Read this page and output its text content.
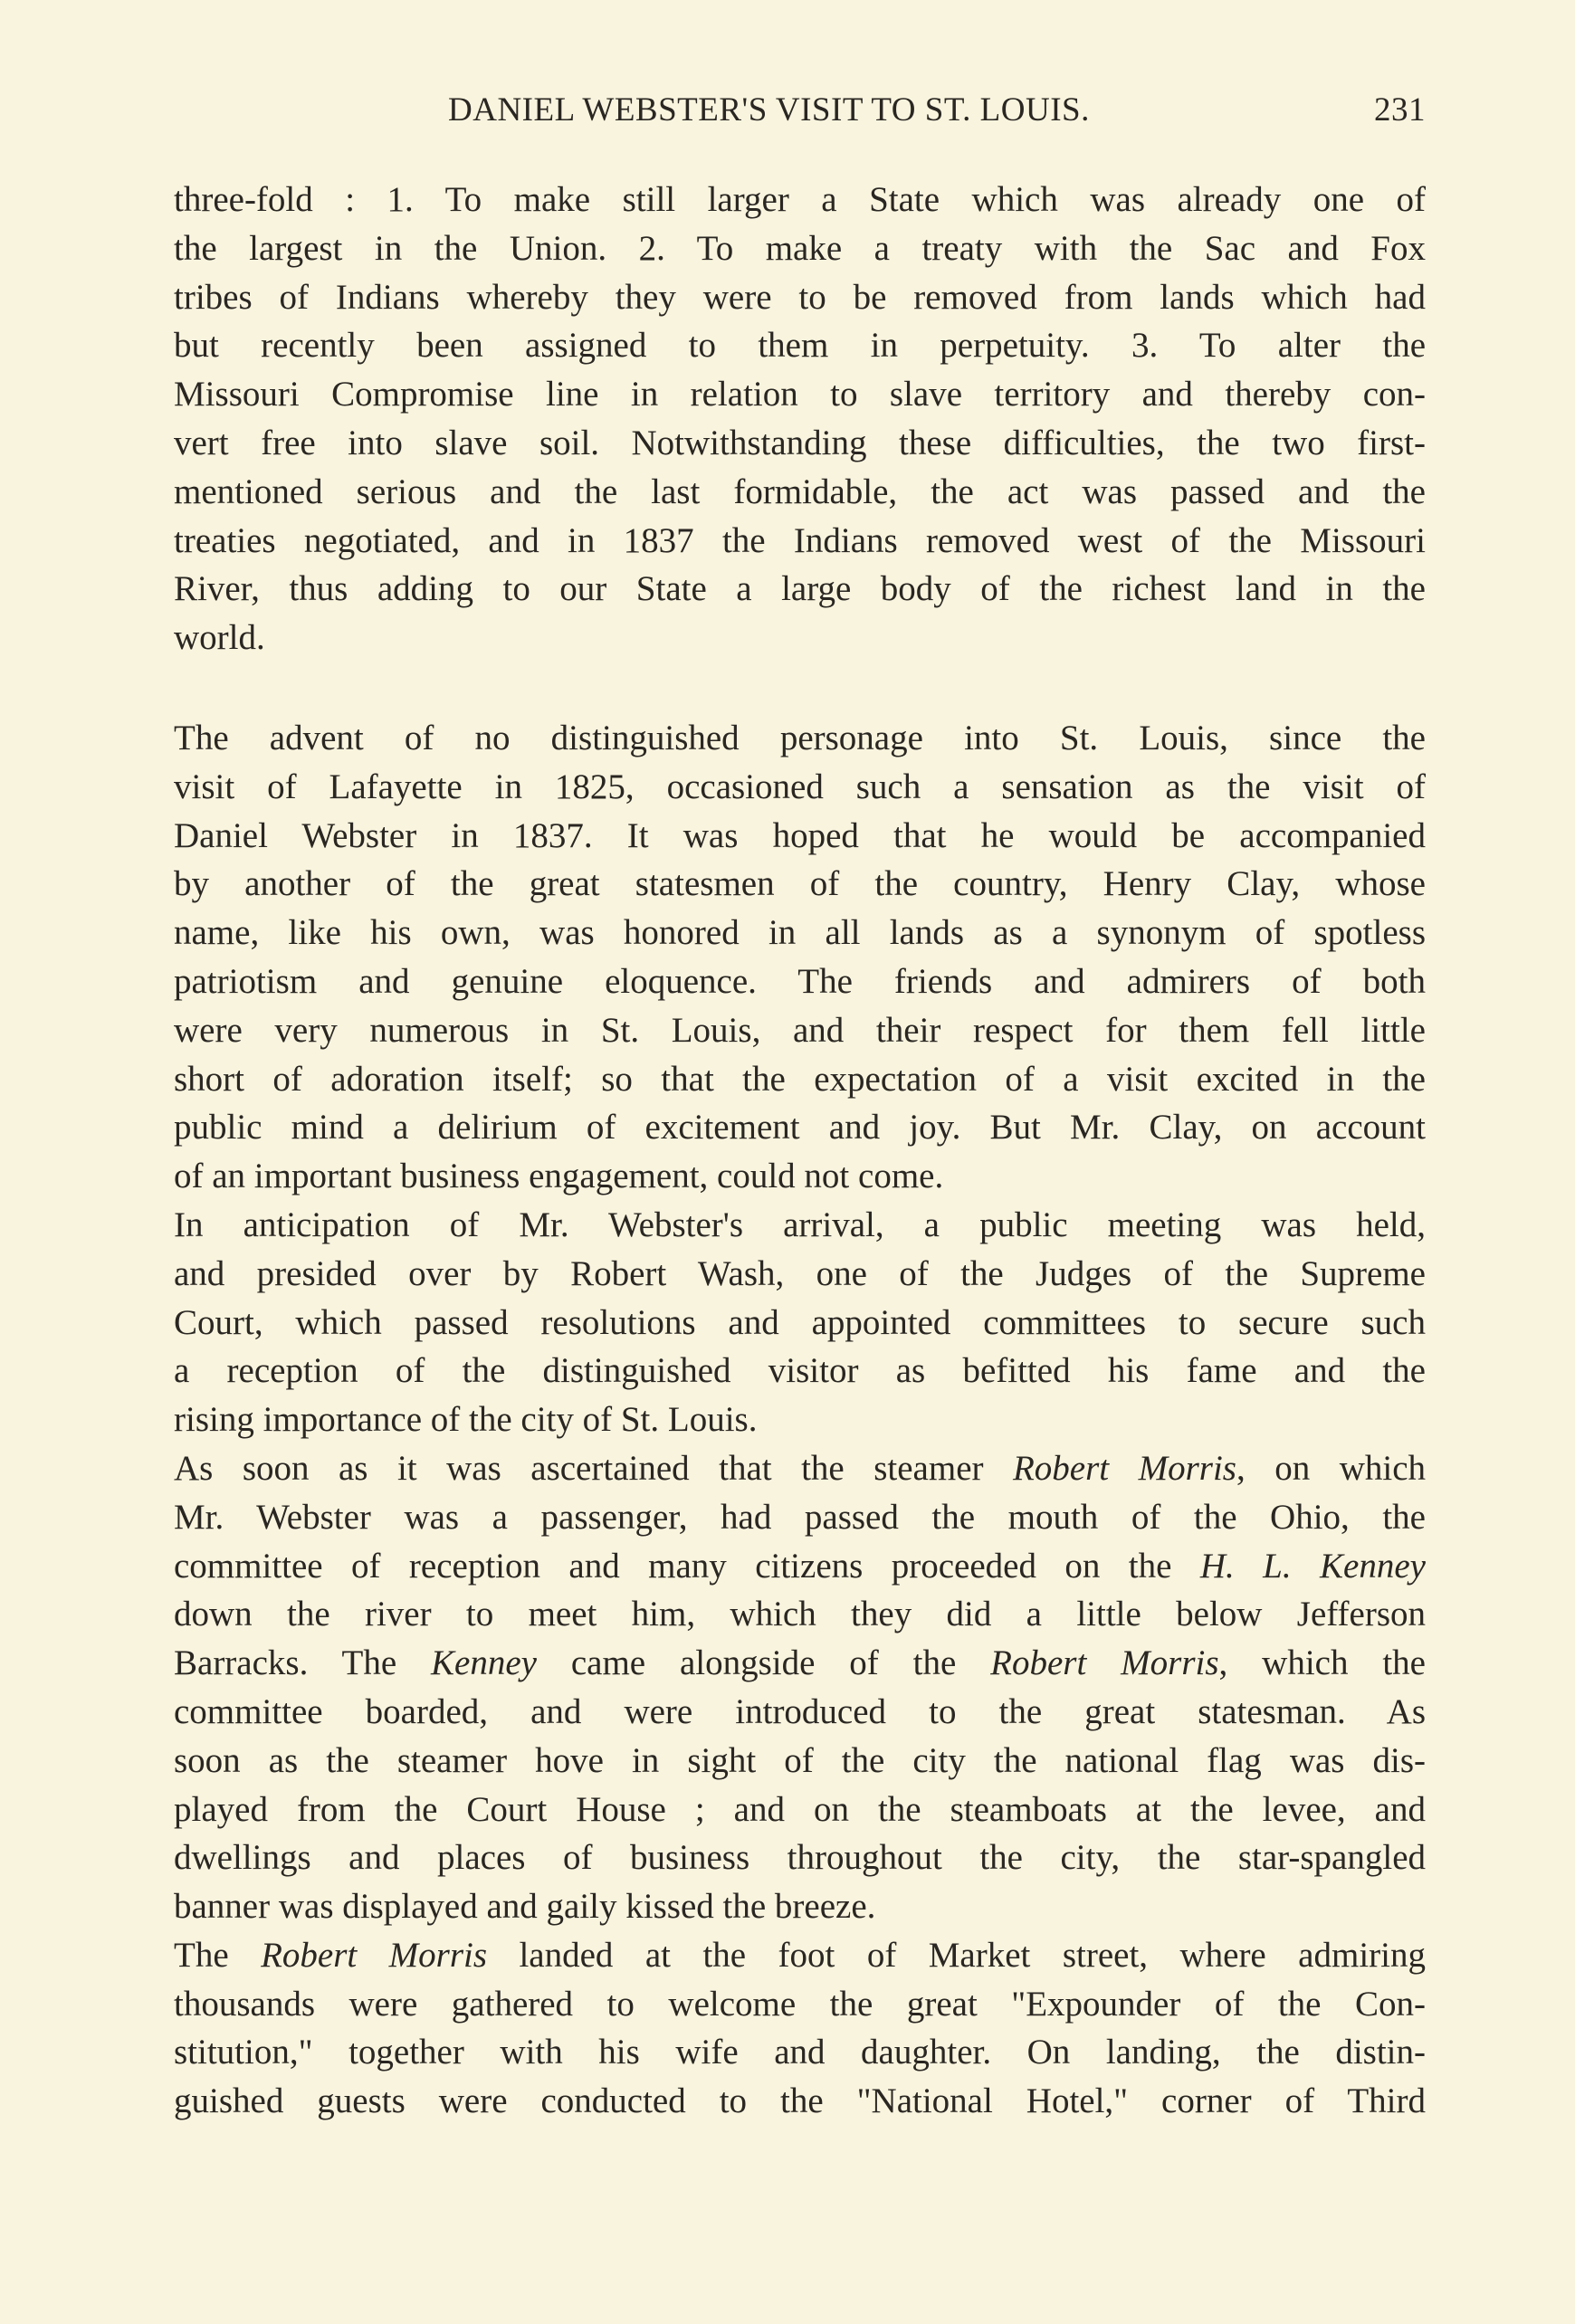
DANIEL WEBSTER'S VISIT TO ST. LOUIS.	231
three-fold : 1. To make still larger a State which was already one of
the largest in the Union. 2. To make a treaty with the Sac and Fox
tribes of Indians whereby they were to be removed from lands which had
but recently been assigned to them in perpetuity. 3. To alter the
Missouri Compromise line in relation to slave territory and thereby con-
vert free into slave soil. Notwithstanding these difficulties, the two first-
mentioned serious and the last formidable, the act was passed and the
treaties negotiated, and in 1837 the Indians removed west of the Missouri
River, thus adding to our State a large body of the richest land in the
world.
The advent of no distinguished personage into St. Louis, since the
visit of Lafayette in 1825, occasioned such a sensation as the visit of
Daniel Webster in 1837. It was hoped that he would be accompanied
by another of the great statesmen of the country, Henry Clay, whose
name, like his own, was honored in all lands as a synonym of spotless
patriotism and genuine eloquence. The friends and admirers of both
were very numerous in St. Louis, and their respect for them fell little
short of adoration itself; so that the expectation of a visit excited in the
public mind a delirium of excitement and joy. But Mr. Clay, on account
of an important business engagement, could not come.
In anticipation of Mr. Webster's arrival, a public meeting was held,
and presided over by Robert Wash, one of the Judges of the Supreme
Court, which passed resolutions and appointed committees to secure such
a reception of the distinguished visitor as befitted his fame and the
rising importance of the city of St. Louis.
As soon as it was ascertained that the steamer Robert Morris, on which
Mr. Webster was a passenger, had passed the mouth of the Ohio, the
committee of reception and many citizens proceeded on the H. L. Kenney
down the river to meet him, which they did a little below Jefferson
Barracks. The Kenney came alongside of the Robert Morris, which the
committee boarded, and were introduced to the great statesman. As
soon as the steamer hove in sight of the city the national flag was dis-
played from the Court House ; and on the steamboats at the levee, and
dwellings and places of business throughout the city, the star-spangled
banner was displayed and gaily kissed the breeze.
The Robert Morris landed at the foot of Market street, where admiring
thousands were gathered to welcome the great "Expounder of the Con-
stitution," together with his wife and daughter. On landing, the distin-
guished guests were conducted to the "National Hotel," corner of Third
